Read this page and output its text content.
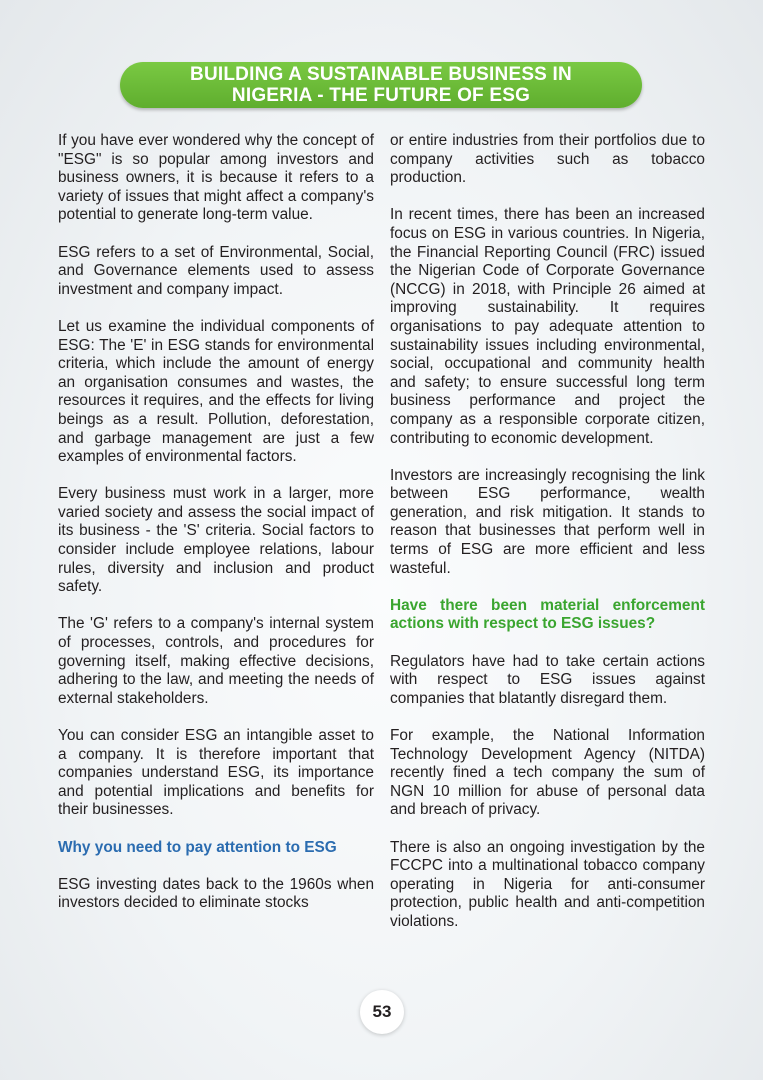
BUILDING A SUSTAINABLE BUSINESS IN
NIGERIA - THE FUTURE OF ESG

If you have ever wondered why the concept of "ESG" is so popular among investors and business owners, it is because it refers to a variety of issues that might affect a company's potential to generate long-term value.

ESG refers to a set of Environmental, Social, and Governance elements used to assess investment and company impact.

Let us examine the individual components of ESG: The 'E' in ESG stands for environmental criteria, which include the amount of energy an organisation consumes and wastes, the resources it requires, and the effects for living beings as a result. Pollution, deforestation, and garbage management are just a few examples of environmental factors.

Every business must work in a larger, more varied society and assess the social impact of its business - the 'S' criteria. Social factors to consider include employee relations, labour rules, diversity and inclusion and product safety.

The 'G' refers to a company's internal system of processes, controls, and procedures for governing itself, making effective decisions, adhering to the law, and meeting the needs of external stakeholders.

You can consider ESG an intangible asset to a company. It is therefore important that companies understand ESG, its importance and potential implications and benefits for their businesses.

Why you need to pay attention to ESG

ESG investing dates back to the 1960s when investors decided to eliminate stocks

or entire industries from their portfolios due to company activities such as tobacco production.

In recent times, there has been an increased focus on ESG in various countries. In Nigeria, the Financial Reporting Council (FRC) issued the Nigerian Code of Corporate Governance (NCCG) in 2018, with Principle 26 aimed at improving sustainability. It requires organisations to pay adequate attention to sustainability issues including environmental, social, occupational and community health and safety; to ensure successful long term business performance and project the company as a responsible corporate citizen, contributing to economic development.

Investors are increasingly recognising the link between ESG performance, wealth generation, and risk mitigation. It stands to reason that businesses that perform well in terms of ESG are more efficient and less wasteful.

Have there been material enforcement actions with respect to ESG issues?

Regulators have had to take certain actions with respect to ESG issues against companies that blatantly disregard them.

For example, the National Information Technology Development Agency (NITDA) recently fined a tech company the sum of NGN 10 million for abuse of personal data and breach of privacy.

There is also an ongoing investigation by the FCCPC into a multinational tobacco company operating in Nigeria for anti-consumer protection, public health and anti-competition violations.

53
